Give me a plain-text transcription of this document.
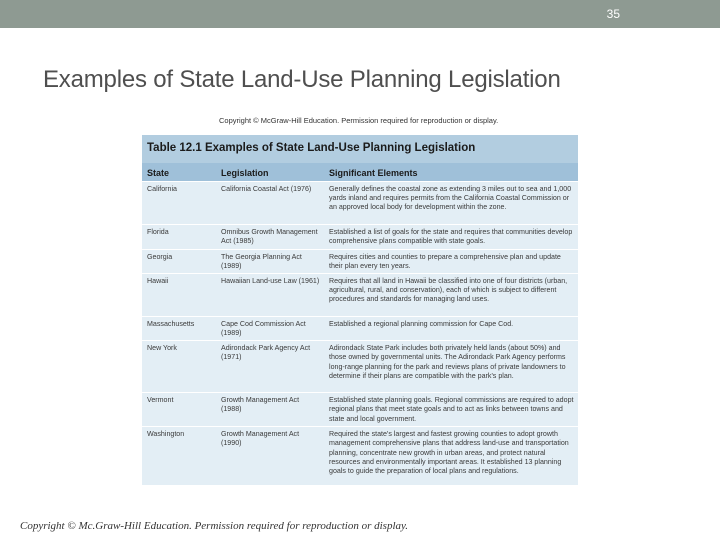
35
Examples of State Land-Use Planning Legislation
Copyright © McGraw-Hill Education. Permission required for reproduction or display.
Table 12.1 Examples of State Land-Use Planning Legislation
State	Legislation	Significant Elements
California	California Coastal Act (1976)	Generally defines the coastal zone as extending 3 miles out to sea and 1,000 yards inland and requires permits from the California Coastal Commission or an approved local body for development within the zone.
Florida	Omnibus Growth Management Act (1985)	Established a list of goals for the state and requires that communities develop comprehensive plans compatible with state goals.
Georgia	The Georgia Planning Act (1989)	Requires cities and counties to prepare a comprehensive plan and update their plan every ten years.
Hawaii	Hawaiian Land-use Law (1961)	Requires that all land in Hawaii be classified into one of four districts (urban, agricultural, rural, and conservation), each of which is subject to different procedures and standards for managing land uses.
Massachusetts	Cape Cod Commission Act (1989)	Established a regional planning commission for Cape Cod.
New York	Adirondack Park Agency Act (1971)	Adirondack State Park includes both privately held lands (about 50%) and those owned by governmental units. The Adirondack Park Agency performs long-range planning for the park and reviews plans of private landowners to determine if their plans are compatible with the park's plan.
Vermont	Growth Management Act (1988)	Established state planning goals. Regional commissions are required to adopt regional plans that meet state goals and to act as links between towns and state and local government.
Washington	Growth Management Act (1990)	Required the state's largest and fastest growing counties to adopt growth management comprehensive plans that address land-use and transportation planning, concentrate new growth in urban areas, and protect natural resources and environmentally important areas. It established 13 planning goals to guide the preparation of local plans and regulations.
Copyright © Mc.Graw-Hill Education. Permission required for reproduction or display.
